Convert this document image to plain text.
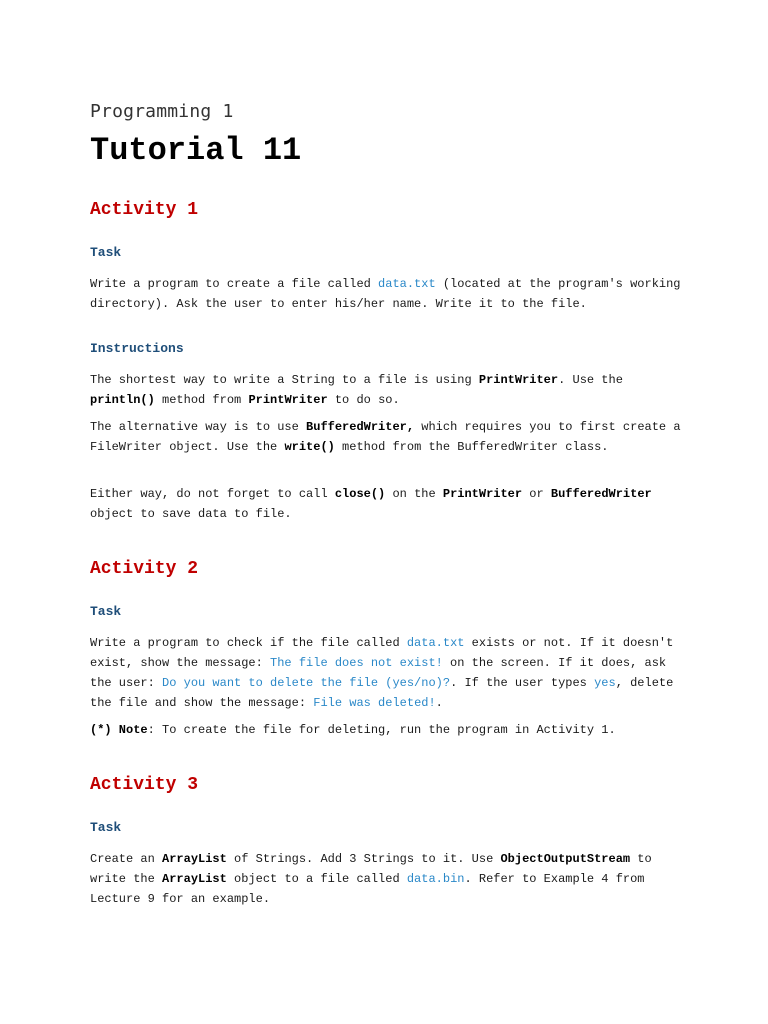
Programming 1

Tutorial 11
Activity 1
Task

Write a program to create a file called data.txt (located at the program's working directory). Ask the user to enter his/her name. Write it to the file.

Instructions

The shortest way to write a String to a file is using PrintWriter. Use the println() method from PrintWriter to do so.

The alternative way is to use BufferedWriter, which requires you to first create a FileWriter object. Use the write() method from the BufferedWriter class.

Either way, do not forget to call close() on the PrintWriter or BufferedWriter object to save data to file.

Activity 2
Task

Write a program to check if the file called data.txt exists or not. If it doesn't exist, show the message: The file does not exist! on the screen. If it does, ask the user: Do you want to delete the file (yes/no)?. If the user types yes, delete the file and show the message: File was deleted!.

(*) Note: To create the file for deleting, run the program in Activity 1.

Activity 3
Task

Create an ArrayList of Strings. Add 3 Strings to it. Use ObjectOutputStream to write the ArrayList object to a file called data.bin. Refer to Example 4 from Lecture 9 for an example.
